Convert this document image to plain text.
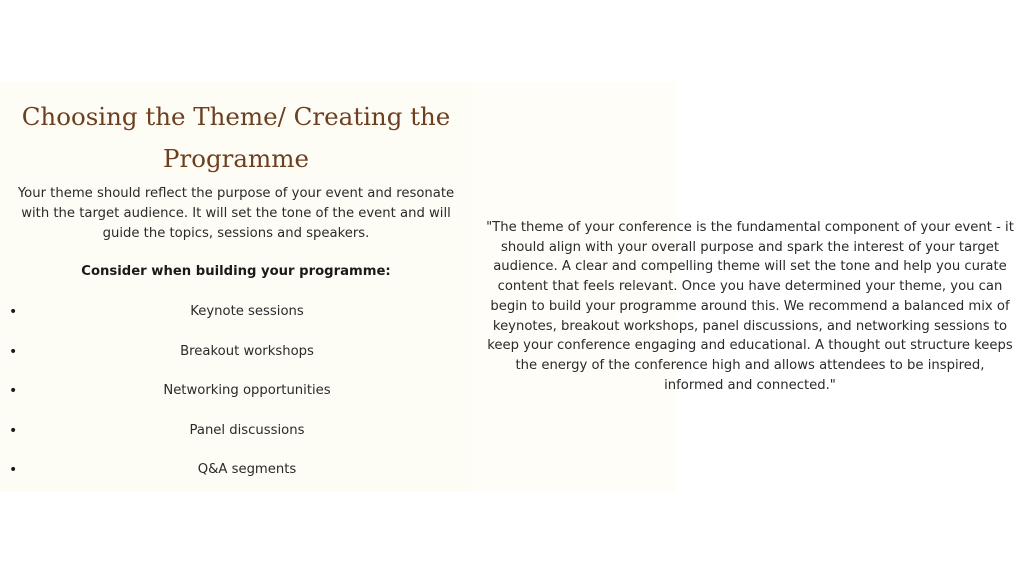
Choosing the Theme/ Creating the Programme

Your theme should reflect the purpose of your event and resonate with the target audience. It will set the tone of the event and will guide the topics, sessions and speakers.

Consider when building your programme:

•	Keynote sessions
•	Breakout workshops
•	Networking opportunities
•	Panel discussions
•	Q&A segments

"The theme of your conference is the fundamental component of your event - it should align with your overall purpose and spark the interest of your target audience. A clear and compelling theme will set the tone and help you curate content that feels relevant. Once you have determined your theme, you can begin to build your programme around this. We recommend a balanced mix of keynotes, breakout workshops, panel discussions, and networking sessions to keep your conference engaging and educational. A thought out structure keeps the energy of the conference high and allows attendees to be inspired, informed and connected."
